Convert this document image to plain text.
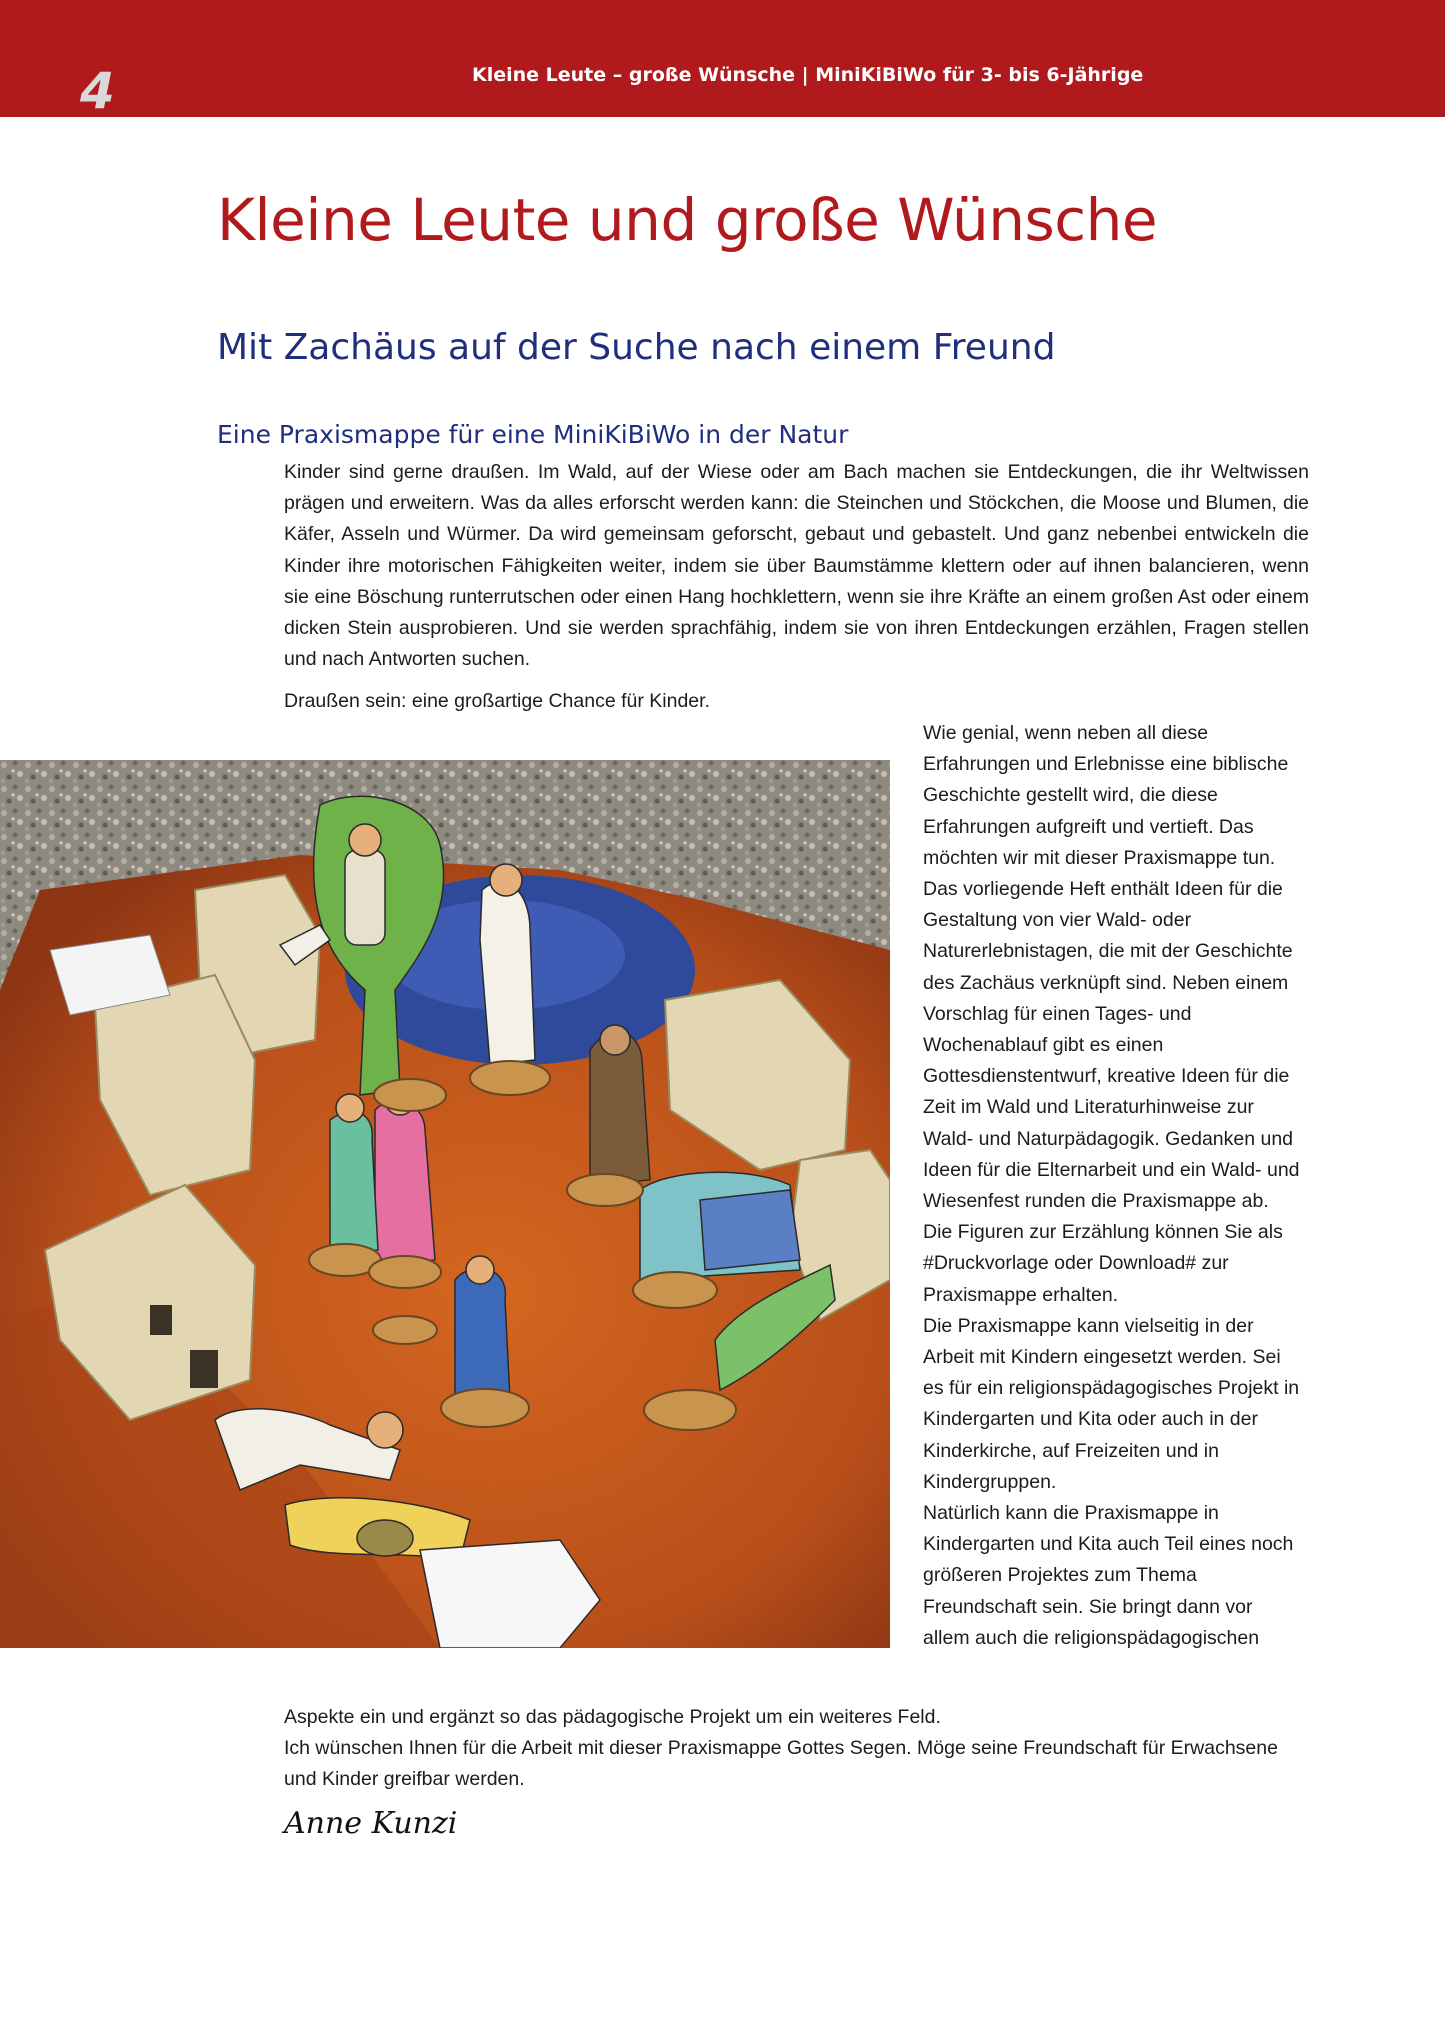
4	Kleine Leute – große Wünsche | MiniKiBiWo für 3- bis 6-Jährige
Kleine Leute und große Wünsche
Mit Zachäus auf der Suche nach einem Freund
Eine Praxismappe für eine MiniKiBiWo in der Natur

Kinder sind gerne draußen. Im Wald, auf der Wiese oder am Bach machen sie Entdeckungen, die ihr Weltwissen prägen und erweitern. Was da alles erforscht werden kann: die Steinchen und Stöckchen, die Moose und Blumen, die Käfer, Asseln und Würmer. Da wird gemeinsam geforscht, gebaut und gebastelt. Und ganz nebenbei entwickeln die Kinder ihre motorischen Fähigkeiten weiter, indem sie über Baumstämme klettern oder auf ihnen balancieren, wenn sie eine Böschung runterrutschen oder einen Hang hochklettern, wenn sie ihre Kräfte an einem großen Ast oder einem dicken Stein ausprobieren. Und sie werden sprachfähig, indem sie von ihren Entdeckungen erzählen, Fragen stellen und nach Antworten suchen.

Draußen sein: eine großartige Chance für Kinder.

Wie genial, wenn neben all diese Erfahrungen und Erlebnisse eine biblische Geschichte gestellt wird, die diese Erfahrungen aufgreift und vertieft. Das möchten wir mit dieser Praxismappe tun. Das vorliegende Heft enthält Ideen für die Gestaltung von vier Wald- oder Naturerlebnistagen, die mit der Geschichte des Zachäus verknüpft sind. Neben einem Vorschlag für einen Tages- und Wochenablauf gibt es einen Gottesdienstentwurf, kreative Ideen für die Zeit im Wald und Literaturhinweise zur Wald- und Naturpädagogik. Gedanken und Ideen für die Elternarbeit und ein Wald- und Wiesenfest runden die Praxismappe ab.

Die Figuren zur Erzählung können Sie als #Druckvorlage oder Download# zur Praxismappe erhalten.

Die Praxismappe kann vielseitig in der Arbeit mit Kindern eingesetzt werden. Sei es für ein religionspädagogisches Projekt in Kindergarten und Kita oder auch in der Kinderkirche, auf Freizeiten und in Kindergruppen.

Natürlich kann die Praxismappe in Kindergarten und Kita auch Teil eines noch größeren Projektes zum Thema Freundschaft sein. Sie bringt dann vor allem auch die religionspädagogischen

Aspekte ein und ergänzt so das pädagogische Projekt um ein weiteres Feld.

Ich wünschen Ihnen für die Arbeit mit dieser Praxismappe Gottes Segen. Möge seine Freundschaft für Erwachsene und Kinder greifbar werden.

Anne Kunzi
